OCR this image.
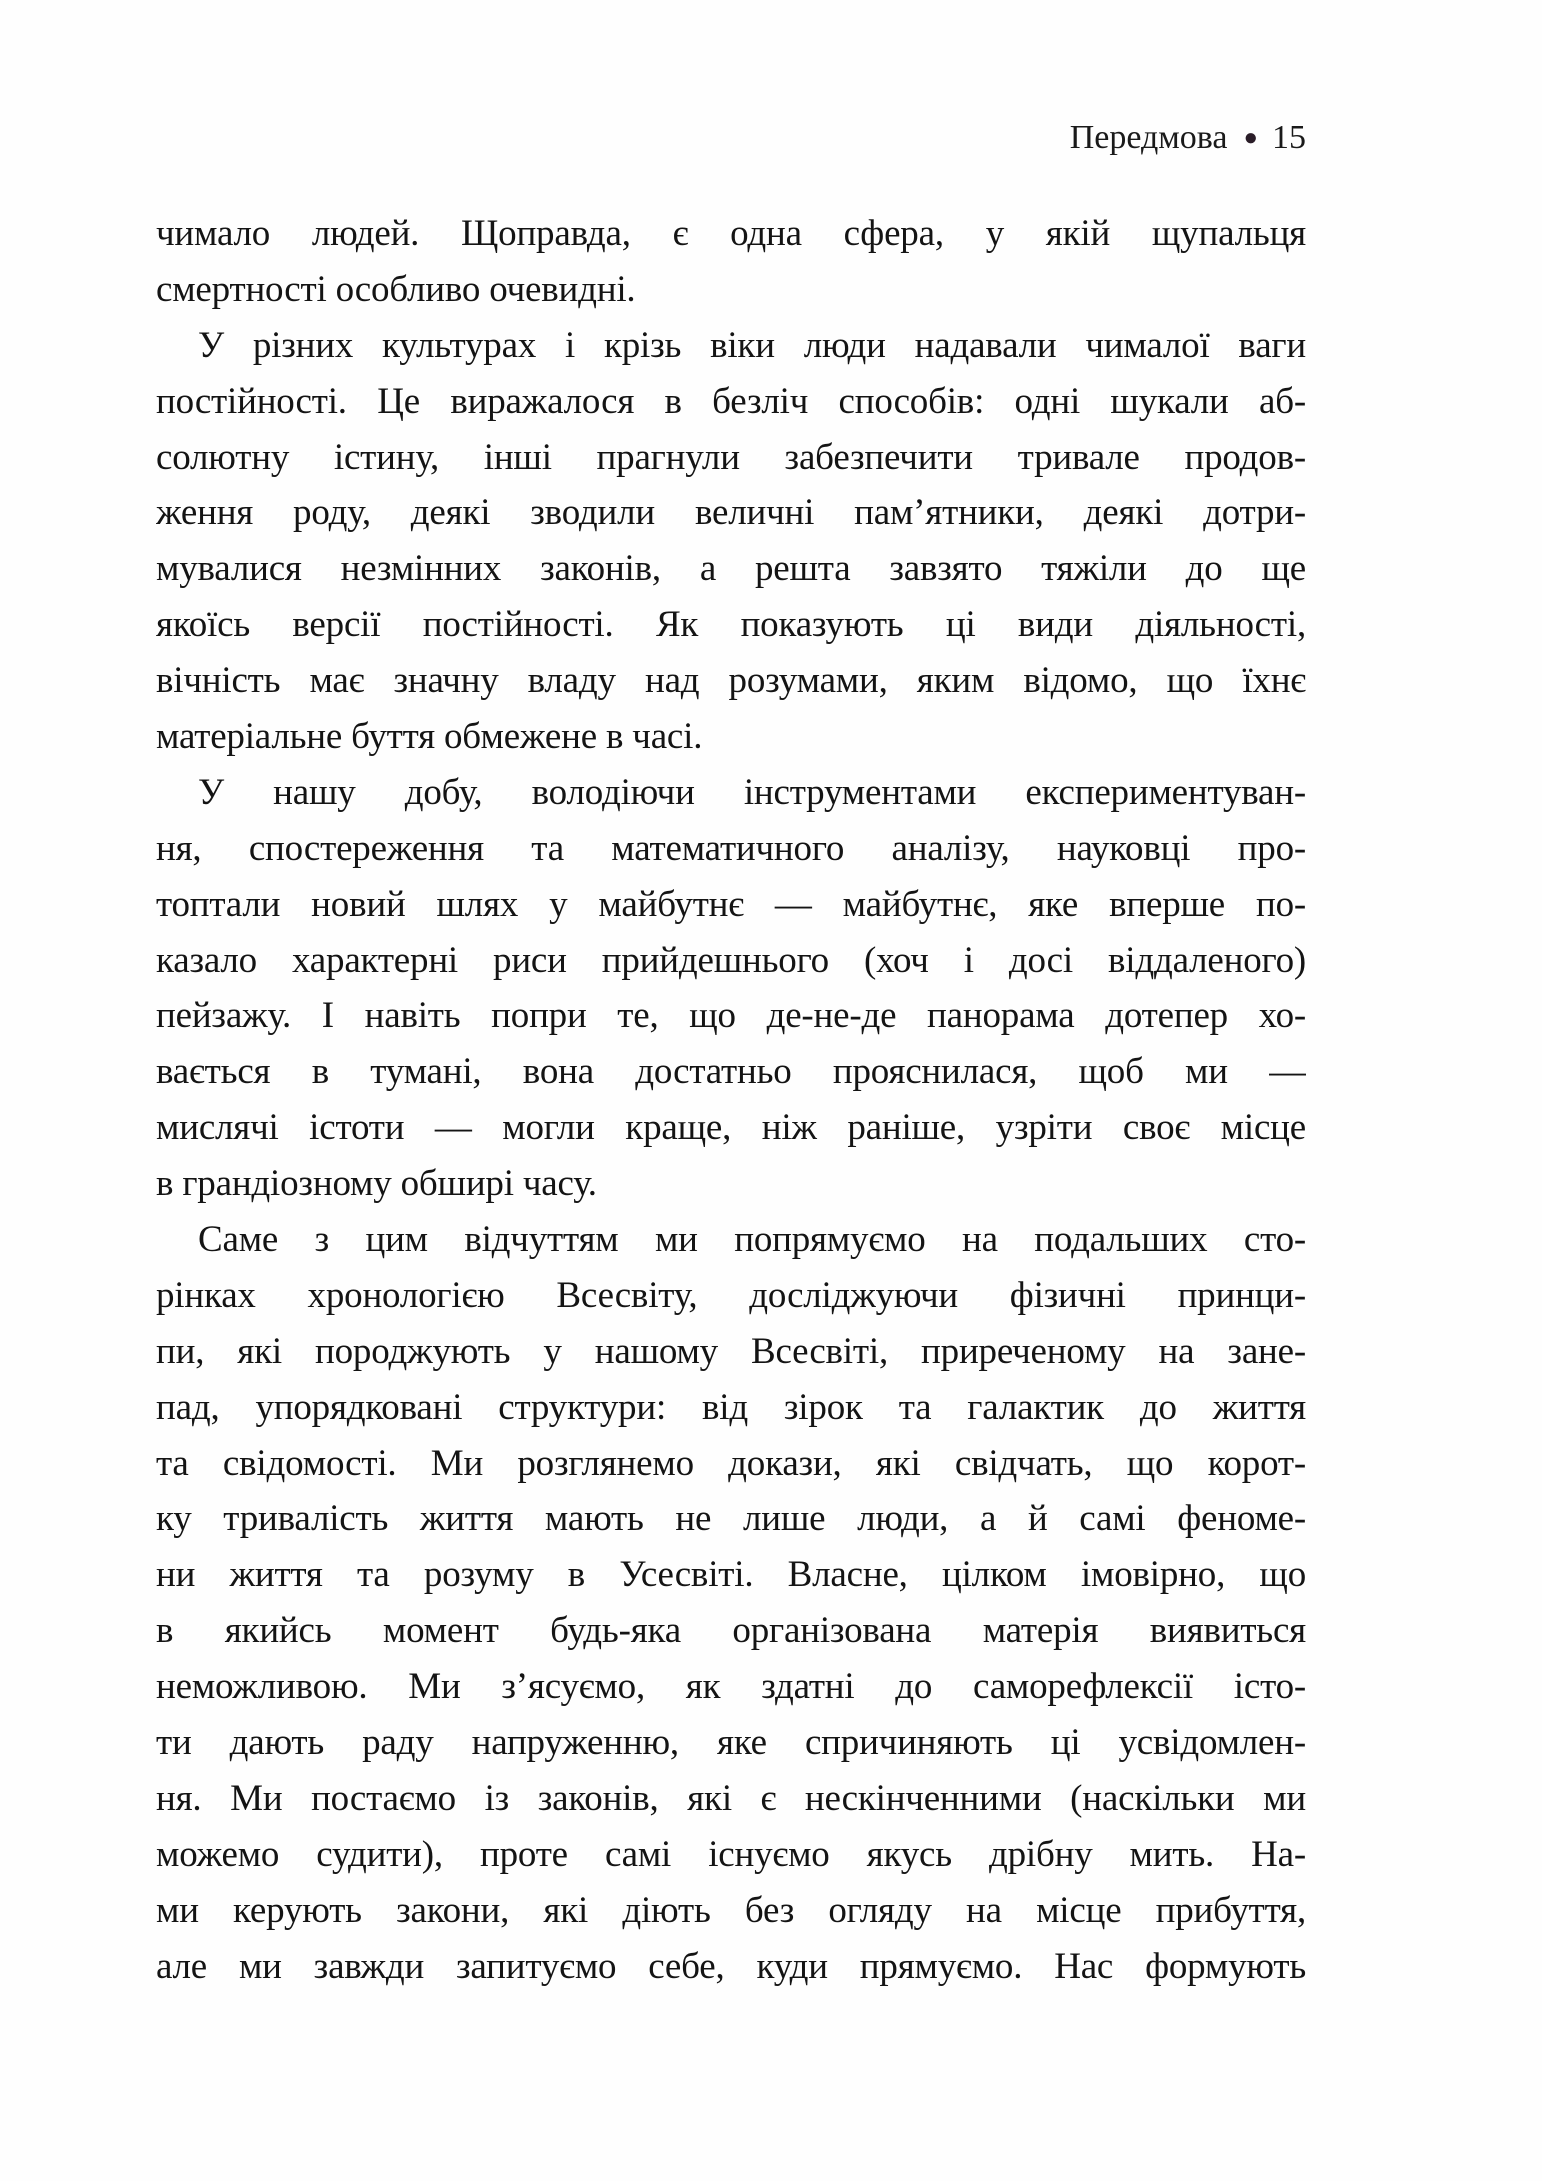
Передмова ● 15
чимало людей. Щоправда, є одна сфера, у якій щупальця
смертності особливо очевидні.
У різних культурах і крізь віки люди надавали чималої ваги
постійності. Це виражалося в безліч способів: одні шукали аб-
солютну істину, інші прагнули забезпечити тривале продов-
ження роду, деякі зводили величні пам’ятники, деякі дотри-
мувалися незмінних законів, а решта завзято тяжіли до ще
якоїсь версії постійності. Як показують ці види діяльності,
вічність має значну владу над розумами, яким відомо, що їхнє
матеріальне буття обмежене в часі.
У нашу добу, володіючи інструментами експериментуван-
ня, спостереження та математичного аналізу, науковці про-
топтали новий шлях у майбутнє — майбутнє, яке вперше по-
казало характерні риси прийдешнього (хоч і досі віддаленого)
пейзажу. І навіть попри те, що де-не-де панорама дотепер хо-
вається в тумані, вона достатньо прояснилася, щоб ми —
мислячі істоти — могли краще, ніж раніше, узріти своє місце
в грандіозному обширі часу.
Саме з цим відчуттям ми попрямуємо на подальших сто-
рінках хронологією Всесвіту, досліджуючи фізичні принци-
пи, які породжують у нашому Всесвіті, приреченому на зане-
пад, упорядковані структури: від зірок та галактик до життя
та свідомості. Ми розглянемо докази, які свідчать, що корот-
ку тривалість життя мають не лише люди, а й самі феноме-
ни життя та розуму в Усесвіті. Власне, цілком імовірно, що
в якийсь момент будь-яка організована матерія виявиться
неможливою. Ми з’ясуємо, як здатні до саморефлексії істо-
ти дають раду напруженню, яке спричиняють ці усвідомлен-
ня. Ми постаємо із законів, які є нескінченними (наскільки ми
можемо судити), проте самі існуємо якусь дрібну мить. На-
ми керують закони, які діють без огляду на місце прибуття,
але ми завжди запитуємо себе, куди прямуємо. Нас формують
